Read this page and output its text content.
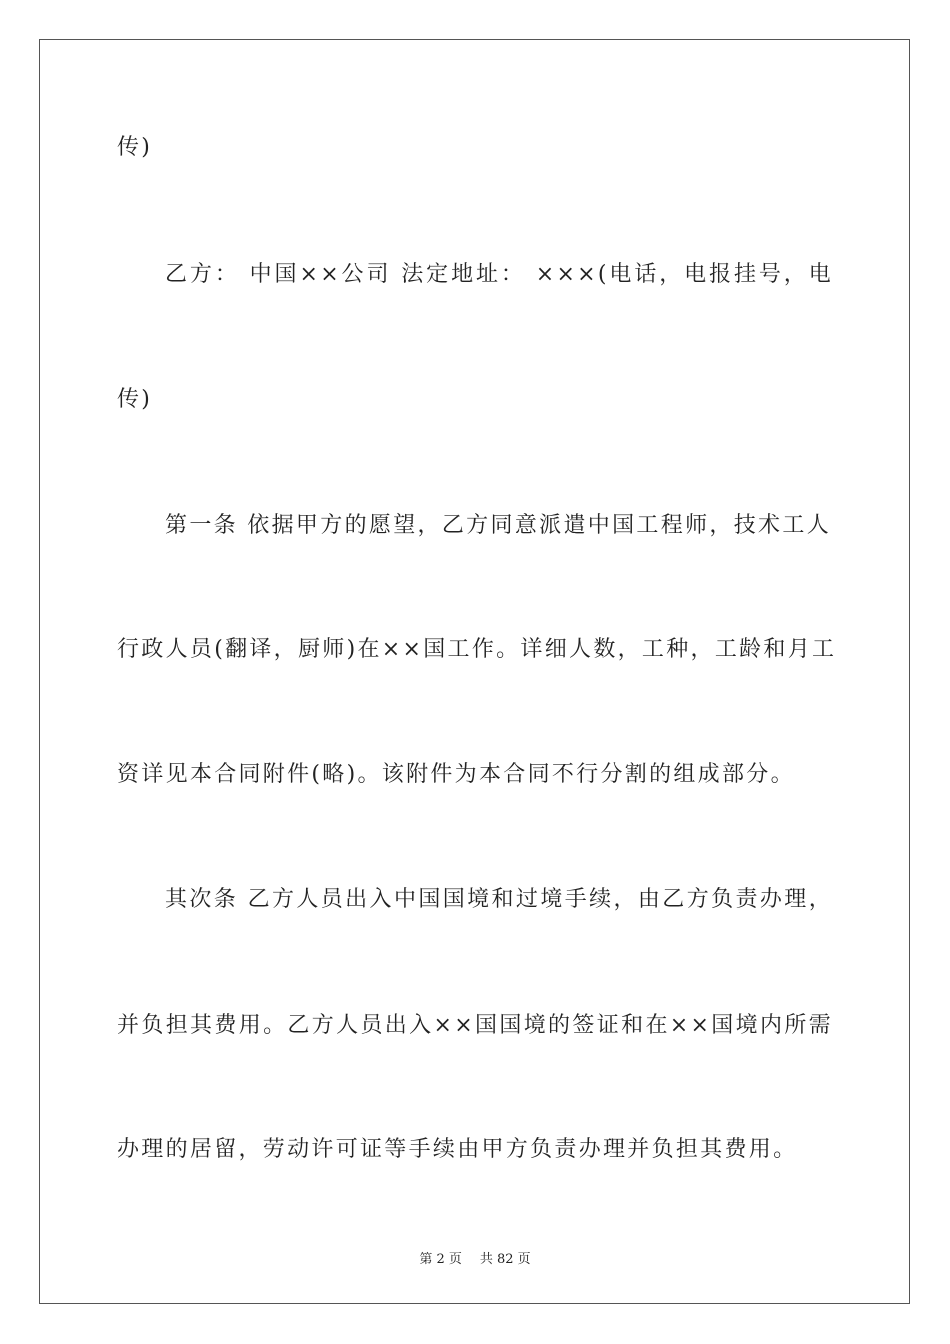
传)

乙方： 中国××公司 法定地址： ×××(电话，电报挂号，电

传)

第一条 依据甲方的愿望，乙方同意派遣中国工程师，技术工人

行政人员(翻译，厨师)在××国工作。详细人数，工种，工龄和月工

资详见本合同附件(略)。该附件为本合同不行分割的组成部分。

其次条 乙方人员出入中国国境和过境手续，由乙方负责办理，

并负担其费用。乙方人员出入××国国境的签证和在××国境内所需

办理的居留，劳动许可证等手续由甲方负责办理并负担其费用。

第 2 页 共 82 页
